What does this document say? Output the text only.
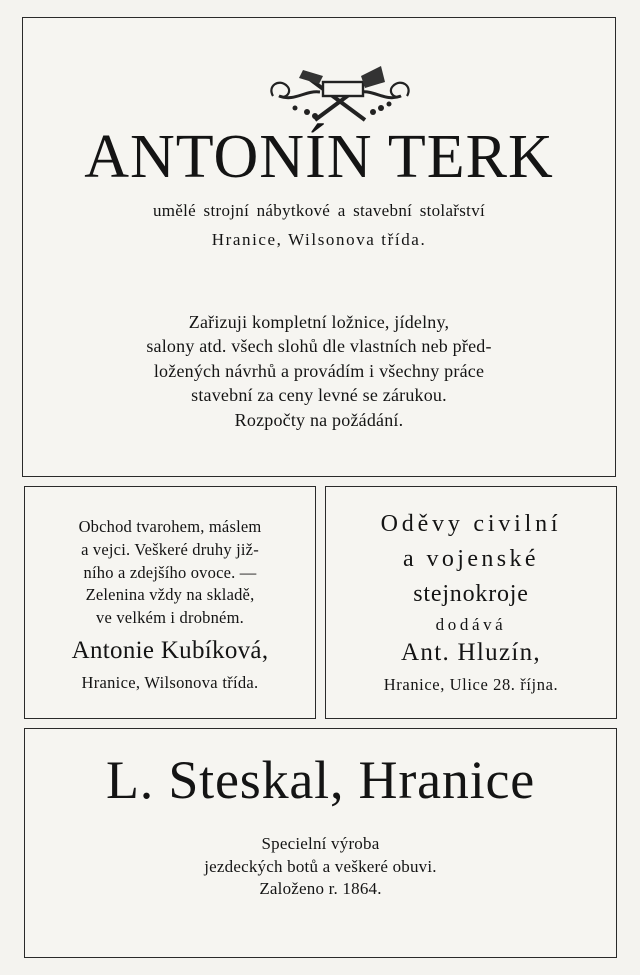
ANTONÍN TERK
umělé strojní nábytkové a stavební stolařství
Hranice, Wilsonova třída.
Zařizuji kompletní ložnice, jídelny,
salony atd. všech slohů dle vlastních neb před-
ložených návrhů a provádím i všechny práce
stavební za ceny levné se zárukou.
Rozpočty na požádání.
Obchod tvarohem, máslem
a vejci. Veškeré druhy již-
ního a zdejšího ovoce. —
Zelenina vždy na skladě,
ve velkém i drobném.
Antonie Kubíková,
Hranice, Wilsonova třída.
Oděvy civilní
a vojenské
stejnokroje
dodává
Ant. Hluzín,
Hranice, Ulice 28. října.
L. Steskal, Hranice
Specielní výroba
jezdeckých botů a veškeré obuvi.
Založeno r. 1864.
